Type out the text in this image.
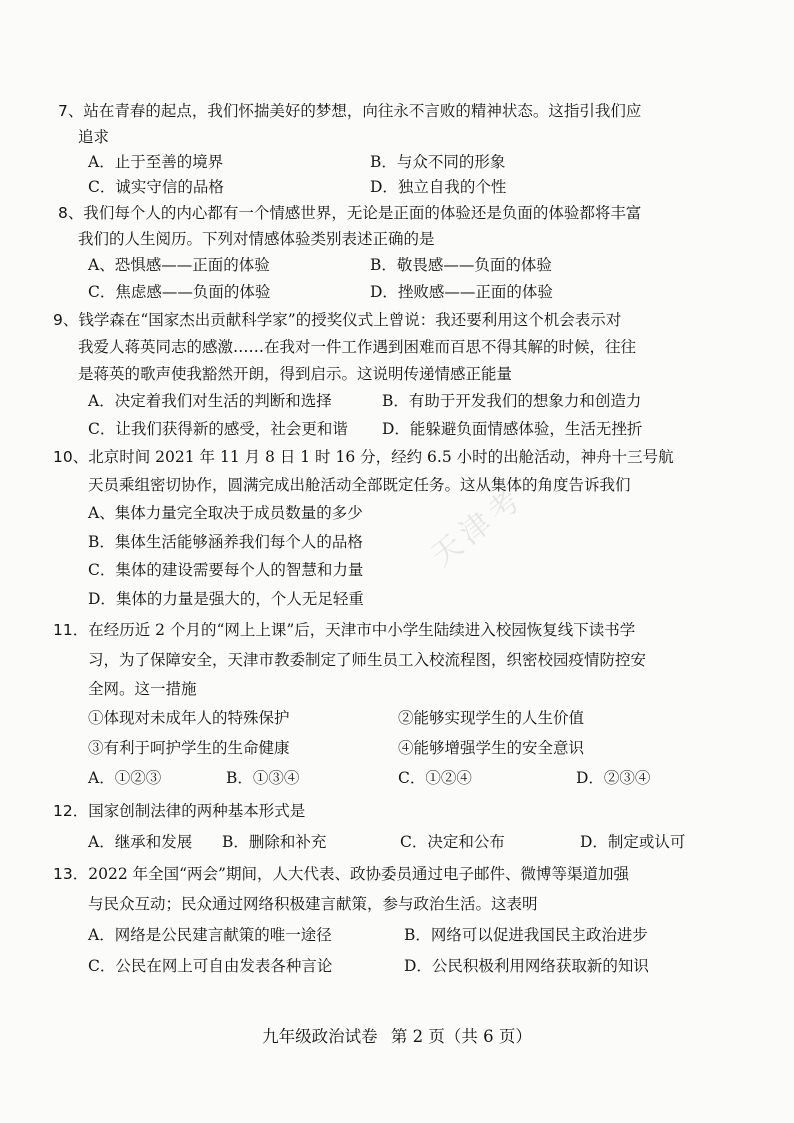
天津考
7、站在青春的起点，我们怀揣美好的梦想，向往永不言败的精神状态。这指引我们应
追求
A．止于至善的境界	B．与众不同的形象
C．诚实守信的品格	D．独立自我的个性
8、我们每个人的内心都有一个情感世界，无论是正面的体验还是负面的体验都将丰富
我们的人生阅历。下列对情感体验类别表述正确的是
A、恐惧感——正面的体验	B．敬畏感——负面的体验
C．焦虑感——负面的体验	D．挫败感——正面的体验
9、钱学森在“国家杰出贡献科学家”的授奖仪式上曾说：我还要利用这个机会表示对
我爱人蒋英同志的感激……在我对一件工作遇到困难而百思不得其解的时候，往往
是蒋英的歌声使我豁然开朗，得到启示。这说明传递情感正能量
A．决定着我们对生活的判断和选择	B．有助于开发我们的想象力和创造力
C．让我们获得新的感受，社会更和谐 D．能躲避负面情感体验，生活无挫折
10、北京时间 2021 年 11 月 8 日 1 时 16 分，经约 6.5 小时的出舱活动，神舟十三号航
天员乘组密切协作，圆满完成出舱活动全部既定任务。这从集体的角度告诉我们
A、集体力量完全取决于成员数量的多少
B．集体生活能够涵养我们每个人的品格
C．集体的建设需要每个人的智慧和力量
D．集体的力量是强大的，个人无足轻重
11．在经历近 2 个月的“网上上课”后，天津市中小学生陆续进入校园恢复线下读书学
习，为了保障安全，天津市教委制定了师生员工入校流程图，织密校园疫情防控安
全网。这一措施
①体现对未成年人的特殊保护	②能够实现学生的人生价值
③有利于呵护学生的生命健康	④能够增强学生的安全意识
A．①②③	B．①③④	C．①②④	D．②③④
12．国家创制法律的两种基本形式是
A．继承和发展 B．删除和补充	C．决定和公布	D．制定或认可
13．2022 年全国“两会”期间，人大代表、政协委员通过电子邮件、微博等渠道加强
与民众互动；民众通过网络积极建言献策，参与政治生活。这表明
A．网络是公民建言献策的唯一途径	B．网络可以促进我国民主政治进步
C．公民在网上可自由发表各种言论	D．公民积极利用网络获取新的知识
九年级政治试卷 第 2 页（共 6 页）
